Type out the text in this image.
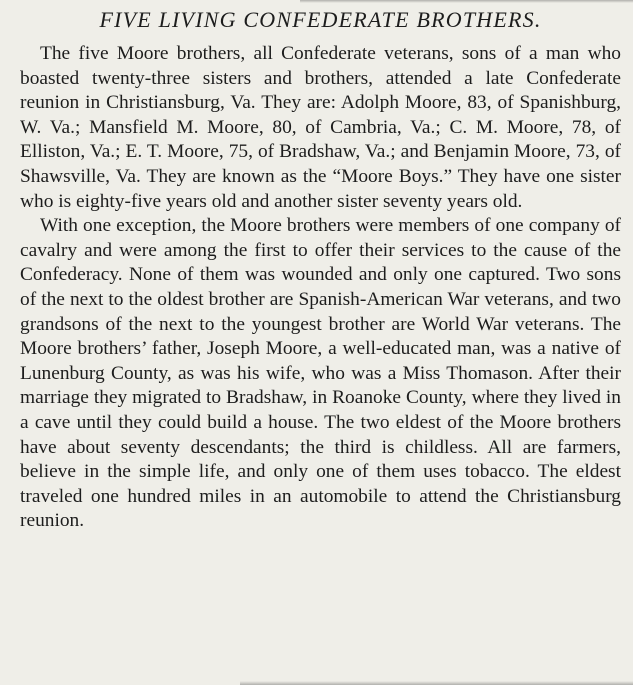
FIVE LIVING CONFEDERATE BROTHERS.

The five Moore brothers, all Confederate veterans, sons of a man who boasted twenty-three sisters and brothers, attended a late Confederate reunion in Christiansburg, Va. They are: Adolph Moore, 83, of Spanishburg, W. Va.; Mansfield M. Moore, 80, of Cambria, Va.; C. M. Moore, 78, of Elliston, Va.; E. T. Moore, 75, of Bradshaw, Va.; and Benjamin Moore, 73, of Shawsville, Va. They are known as the “Moore Boys.” They have one sister who is eighty-five years old and another sister seventy years old.

With one exception, the Moore brothers were members of one company of cavalry and were among the first to offer their services to the cause of the Confederacy. None of them was wounded and only one captured. Two sons of the next to the oldest brother are Spanish-American War veterans, and two grandsons of the next to the youngest brother are World War veterans. The Moore brothers’ father, Joseph Moore, a well-educated man, was a native of Lunenburg County, as was his wife, who was a Miss Thomason. After their marriage they migrated to Bradshaw, in Roanoke County, where they lived in a cave until they could build a house. The two eldest of the Moore brothers have about seventy descendants; the third is childless. All are farmers, believe in the simple life, and only one of them uses tobacco. The eldest traveled one hundred miles in an automobile to attend the Christiansburg reunion.
